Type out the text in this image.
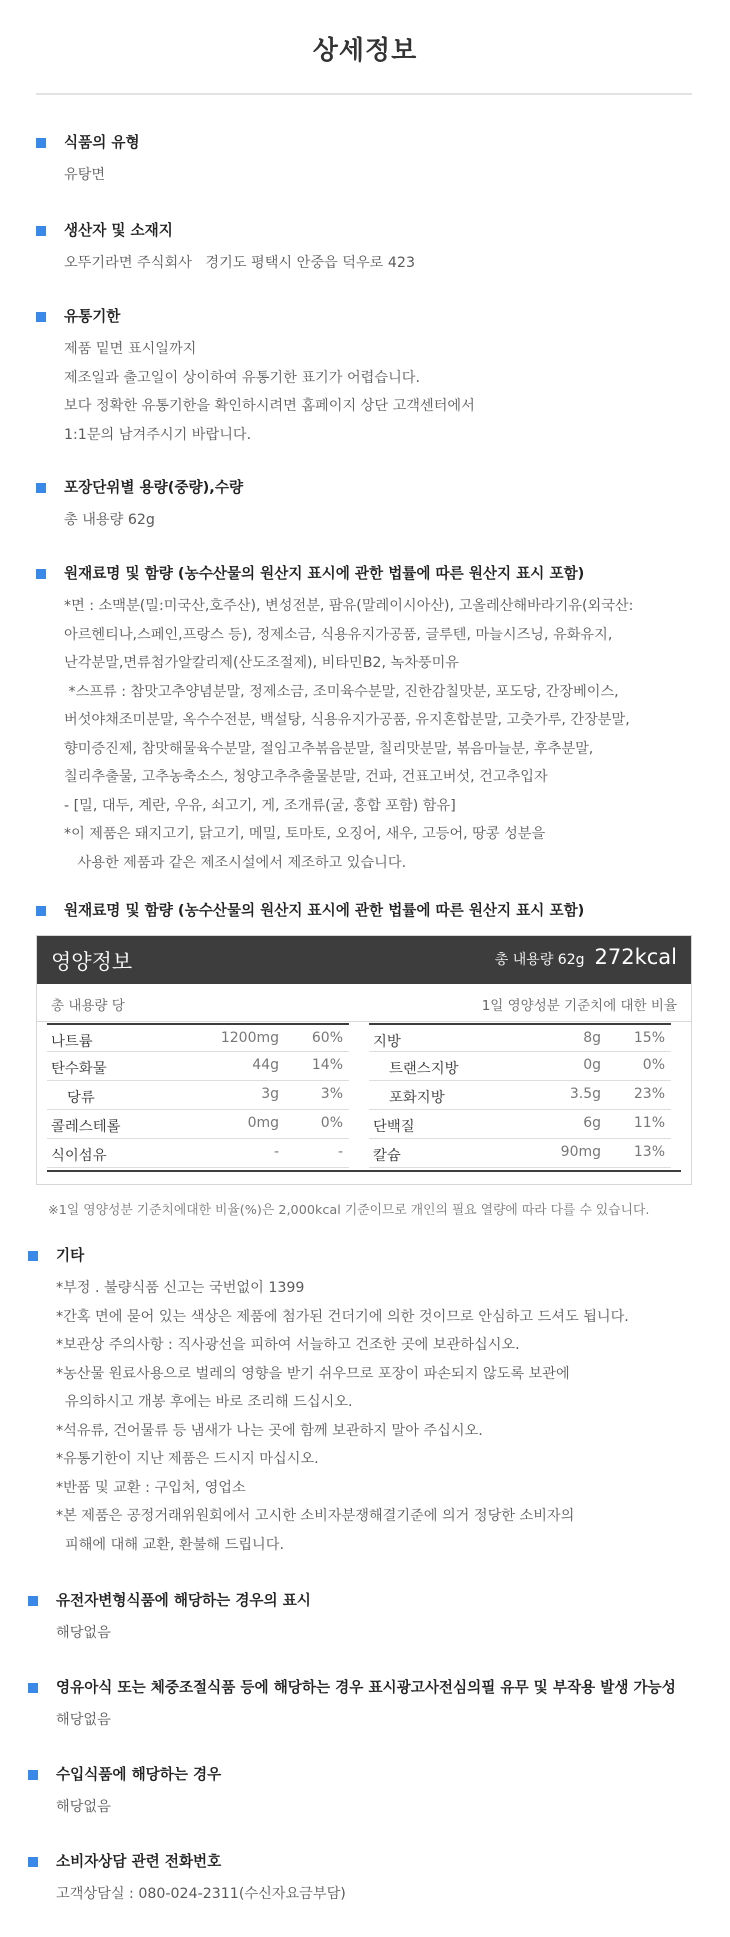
상세정보
식품의 유형
유탕면
생산자 및 소재지
오뚜기라면 주식회사   경기도 평택시 안중읍 덕우로 423
유통기한
제품 밑면 표시일까지
제조일과 출고일이 상이하여 유통기한 표기가 어렵습니다.
보다 정확한 유통기한을 확인하시려면 홈페이지 상단 고객센터에서
1:1문의 남겨주시기 바랍니다.
포장단위별 용량(중량),수량
총 내용량 62g
원재료명 및 함량 (농수산물의 원산지 표시에 관한 법률에 따른 원산지 표시 포함)
*면 : 소맥분(밀:미국산,호주산), 변성전분, 팜유(말레이시아산), 고올레산해바라기유(외국산:
아르헨티나,스페인,프랑스 등), 정제소금, 식용유지가공품, 글루텐, 마늘시즈닝, 유화유지,
난각분말,면류첨가알칼리제(산도조절제), 비타민B2, 녹차풍미유
*스프류 : 참맛고추양념분말, 정제소금, 조미육수분말, 진한감칠맛분, 포도당, 간장베이스,
버섯야채조미분말, 옥수수전분, 백설탕, 식용유지가공품, 유지혼합분말, 고춧가루, 간장분말,
향미증진제, 참맛해물육수분말, 절임고추볶음분말, 칠리맛분말, 볶음마늘분, 후추분말,
칠리추출물, 고추농축소스, 청양고추추출물분말, 건파, 건표고버섯, 건고추입자
- [밀, 대두, 계란, 우유, 쇠고기, 게, 조개류(굴, 홍합 포함) 함유]
*이 제품은 돼지고기, 닭고기, 메밀, 토마토, 오징어, 새우, 고등어, 땅콩 성분을
사용한 제품과 같은 제조시설에서 제조하고 있습니다.
원재료명 및 함량 (농수산물의 원산지 표시에 관한 법률에 따른 원산지 표시 포함)
영양정보	총 내용량 62g 272kcal
총 내용량 당	1일 영양성분 기준치에 대한 비율
나트륨	1200mg 60%
탄수화물	44g 14%
당류	3g	3%
콜레스테롤	0mg	0%
식이섬유	-	-
지방	8g 15%
트랜스지방	0g	0%
포화지방	3.5g 23%
단백질	6g 11%
칼슘	90mg 13%
※1일 영양성분 기준치에대한 비율(%)은 2,000kcal 기준이므로 개인의 필요 열량에 따라 다를 수 있습니다.
기타
*부정 . 불량식품 신고는 국번없이 1399
*간혹 면에 묻어 있는 색상은 제품에 첨가된 건더기에 의한 것이므로 안심하고 드셔도 됩니다.
*보관상 주의사항 : 직사광선을 피하여 서늘하고 건조한 곳에 보관하십시오.
*농산물 원료사용으로 벌레의 영향을 받기 쉬우므로 포장이 파손되지 않도록 보관에
유의하시고 개봉 후에는 바로 조리해 드십시오.
*석유류, 건어물류 등 냄새가 나는 곳에 함께 보관하지 말아 주십시오.
*유통기한이 지난 제품은 드시지 마십시오.
*반품 및 교환 : 구입처, 영업소
*본 제품은 공정거래위원회에서 고시한 소비자분쟁해결기준에 의거 정당한 소비자의
피해에 대해 교환, 환불해 드립니다.
유전자변형식품에 해당하는 경우의 표시
해당없음
영유아식 또는 체중조절식품 등에 해당하는 경우 표시광고사전심의필 유무 및 부작용 발생 가능성
해당없음
수입식품에 해당하는 경우
해당없음
소비자상담 관련 전화번호
고객상담실 : 080-024-2311(수신자요금부담)
